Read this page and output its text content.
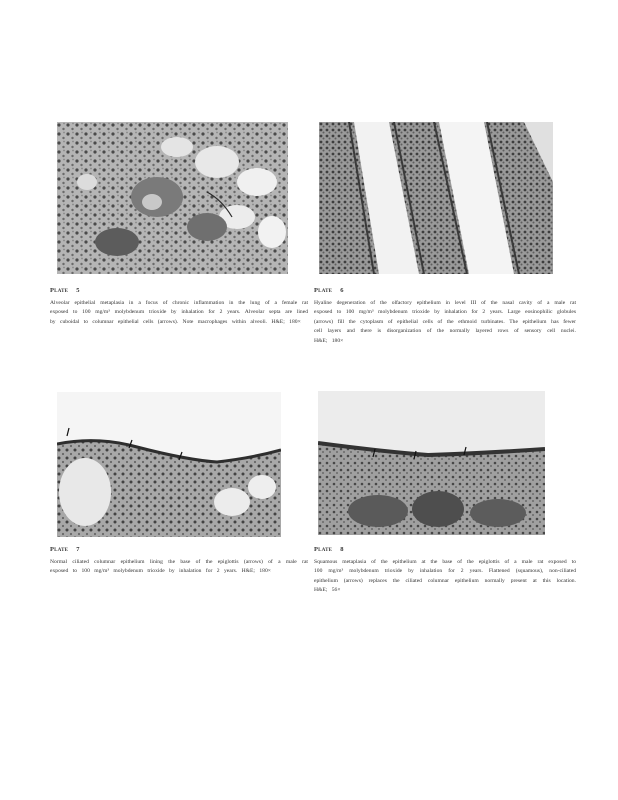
PLATE 5
Alveolar epithelial metaplasia in a focus of chronic inflammation in the lung of a female rat exposed to 100 mg/m³ molybdenum trioxide by inhalation for 2 years. Alveolar septa are lined by cuboidal to columnar epithelial cells (arrows). Note macrophages within alveoli. H&E; 180×
PLATE 6
Hyaline degeneration of the olfactory epithelium in level III of the nasal cavity of a male rat exposed to 100 mg/m³ molybdenum trioxide by inhalation for 2 years. Large eosinophilic globules (arrows) fill the cytoplasm of epithelial cells of the ethmoid turbinates. The epithelium has fewer cell layers and there is disorganization of the normally layered rows of sensory cell nuclei. H&E; 180×
PLATE 7
Normal ciliated columnar epithelium lining the base of the epiglottis (arrows) of a male rat exposed to 100 mg/m³ molybdenum trioxide by inhalation for 2 years. H&E; 180×
PLATE 8
Squamous metaplasia of the epithelium at the base of the epiglottis of a male rat exposed to 100 mg/m³ molybdenum trioxide by inhalation for 2 years. Flattened (squamous), non-ciliated epithelium (arrows) replaces the ciliated columnar epithelium normally present at this location. H&E; 56×
